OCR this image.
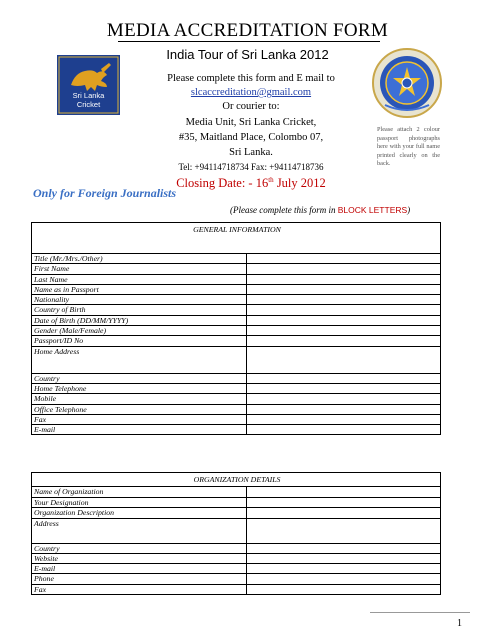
MEDIA ACCREDITATION FORM
India Tour of Sri Lanka 2012
Sri Lanka
Cricket
Please complete this form and E mail to
slcaccreditation@gmail.com
Or courier to:
Media Unit, Sri Lanka Cricket,
#35, Maitland Place, Colombo 07,
Sri Lanka.
Tel: +94114718734 Fax: +94114718736
Closing Date: - 16th July 2012
Please attach 2 colour passport photographs here with your full name printed clearly on the back.
Only for Foreign Journalists
(Please complete this form in BLOCK LETTERS)
GENERAL INFORMATION	
Title (Mr./Mrs./Other)	
First Name	
Last Name	
Name as in Passport	
Nationality	
Country of Birth	
Date of Birth (DD/MM/YYYY)	
Gender (Male/Female)	
Passport/ID No	
Home Address	
Country	
Home Telephone	
Mobile	
Office Telephone	
Fax	
E-mail	
ORGANIZATION DETAILS	
Name of Organization	
Your Designation	
Organization Description	
Address	
Country	
Website	
E-mail	
Phone	
Fax	
1
